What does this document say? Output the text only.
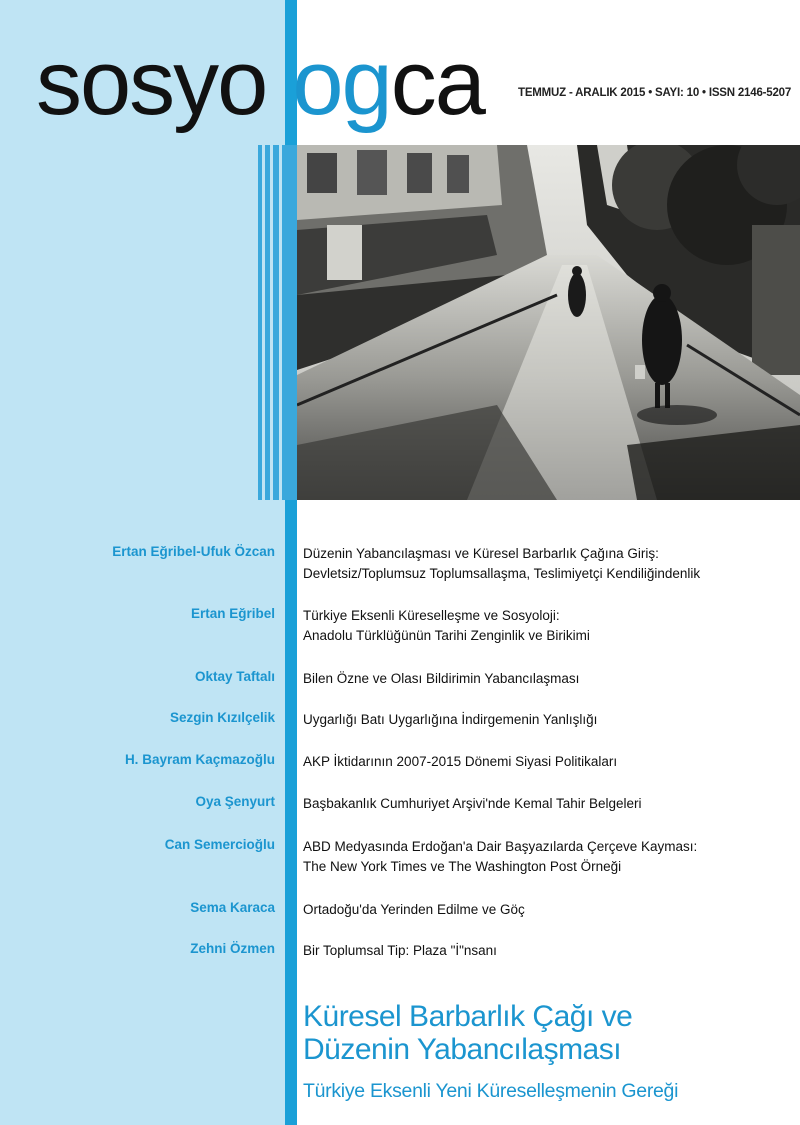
sosyo ogca	TEMMUZ - ARALIK 2015 • SAYI: 10 • ISSN 2146-5207
Ertan Eğribel-Ufuk Özcan Düzenin Yabancılaşması ve Küresel Barbarlık Çağına Giriş:
Devletsiz/Toplumsuz Toplumsallaşma, Teslimiyetçi Kendiliğindenlik
Ertan Eğribel Türkiye Eksenli Küreselleşme ve Sosyoloji:
Anadolu Türklüğünün Tarihi Zenginlik ve Birikimi
Oktay Taftalı Bilen Özne ve Olası Bildirimin Yabancılaşması
Sezgin Kızılçelik Uygarlığı Batı Uygarlığına İndirgemenin Yanlışlığı
H. Bayram Kaçmazoğlu AKP İktidarının 2007-2015 Dönemi Siyasi Politikaları
Oya Şenyurt Başbakanlık Cumhuriyet Arşivi'nde Kemal Tahir Belgeleri
Can Semercioğlu ABD Medyasında Erdoğan'a Dair Başyazılarda Çerçeve Kayması:
The New York Times ve The Washington Post Örneği
Sema Karaca Ortadoğu'da Yerinden Edilme ve Göç
Zehni Özmen Bir Toplumsal Tip: Plaza "İ"nsanı
Küresel Barbarlık Çağı ve
Düzenin Yabancılaşması
Türkiye Eksenli Yeni Küreselleşmenin Gereği
